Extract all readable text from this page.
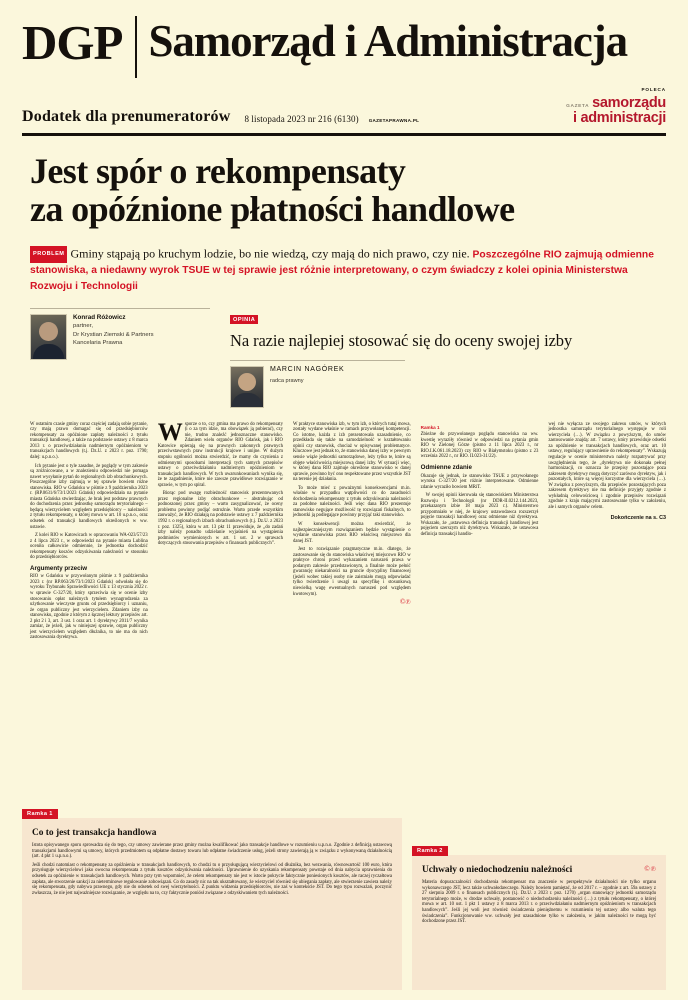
DGP Samorząd i Administracja
Dodatek dla prenumeratorów 8 listopada 2023 nr 216 (6130) GAZETAPRAWNA.PL
POLECA
GAZETA samorządu
i administracji
Jest spór o rekompensaty
za opóźnione płatności handlowe
PROBLEM Gminy stąpają po kruchym lodzie, bo nie wiedzą, czy mają do nich prawo, czy nie. Poszczególne RIO zajmują odmienne stanowiska, a niedawny wyrok TSUE w tej sprawie jest różnie interpretowany, o czym świadczy z kolei opinia Ministerstwa Rozwoju i Technologii
Konrad Różowicz
partner,
Dr Krystian Ziemski & Partners
Kancelaria Prawna
OPINIA
Na razie najlepiej stosować się do oceny swojej izby
MARCIN NAGÓREK
radca prawny

W ostatnim czasie gminy coraz częściej zadają sobie pytanie, czy mają prawo domagać się od przedsiębiorców rekompensaty za opóźnione zapłaty należności z tytułu transakcji handlowej, a także na podstawie ustawy z 8 marca 2013 r. o przeciwdziałaniu nadmiernym opóźnieniom w transakcjach handlowych (t.j. Dz.U. z 2023 r. poz. 1790; dalej: u.p.n.o.).

Ich pytanie jest o tyle zasadne, że poglądy w tym zakresie są zróżnicowane, a w znalezieniu odpowiedzi nie pomaga nawet wysyłanie pytań do regionalnych izb obrachunkowych. Poszczególne izby zajmują w tej sprawie bowiem różne stanowiska. RIO w Gdańsku w piśmie z 9 października 2023 r. (RP.0631/6/73/1/2023 Gdańsk) odpowiedziała na pytanie miasta Gdańska stwierdzając, że brak jest podstaw prawnych do dochodzenia przez jednostkę samorządu terytorialnego – będącą wierzycielem względem przedsiębiorcy – należności z tytułu rekompensaty, o której mowa w art. 10 u.p.n.o., oraz odsetek od transakcji handlowych określonych w ww. ustawie.

Z kolei RIO w Katowicach w opracowaniu WA-023/57/23 z 4 lipca 2023 r., w odpowiedzi na pytanie miasta Lublina oceniła całkowicie odmiennie, że jednostka dochodzić rekompensaty koszów odzyskiwania należności w stosunku do przedsiębiorców.

Argumenty przeciw

RIO w Gdańsku w przywołanym piśmie z 9 października 2023 r. (nr RP.063/26/73/1/2023 Gdańsk) odwołała się do wyroku Trybunału Sprawiedliwości UE z 13 stycznia 2022 r. w sprawie C-327/20, który sprzeciwia się w ocenie izby stosowaniu opłat należnych tytułem wynagrodzenia za użytkowanie wieczyste gruntu od przedsiębiorcy i uznaniu, że organ publiczny jest wierzycielem. Zdaniem izby na stanowisku, zgodnie z którym z łącznej lektury przepisów art. 2 pkt 2 i 3, art. 3 ust. 1 oraz art. 1 dyrektywy 2011/7 wynika zamiar, że jeżeli, jak w niniejszej sprawie, organ publiczny jest wierzycielem względem dłużnika, to nie ma do nich zastosowania dyrektywa.

Wsporze o to, czy gmina ma prawo do rekompensaty (i o za tym idzie, ma obowiązek ją pobierać), czy nie, trudno znaleźć jednoznaczne stanowisko. Zdaniem wielu organów RIO Gdańsk, jak i RIO Katowice opierają się na prawnych zakonnych prawnych przeciwstawnych praw instrukcji krajowe i unijne. W dużym stopniu ogólności można stwierdzić, że mamy do czynienia z odmiennymi sposobami interpretacji tych samych przepisów ustawy o przeciwdziałaniu nadmiernym opóźnieniom w transakcjach handlowych. W tych uwarunkowaniach wynika się, że te zagadnienie, które nie zawsze prawidłowe rozwiązanie w sprawie, w tym po spiral.

Biorąc pod uwagę rozbieżność stanowisk prezentowanych przez regionalne izby obrachunkowe – abstrahując od podnoszonej przez gminy – warto zasygnalizować, że oceny problemu powinny podjąć ostrożnie. Warto przede wszystkim zauważyć, że RIO działają na podstawie ustawy z 7 października 1992 r. o regionalnych izbach obrachunkowych (t.j. Dz.U. z 2023 r. poz. 1325), która w art. 13 pkt 11 przewiduje, że „do zadań izby należy ponadto udzielanie wyjaśnień na wystąpienia podmiotów wymienionych w art. 1 ust. 2 w sprawach dotyczących stosowania przepisów o finansach publicznych”.

W praktyce stanowiska izb, w tym izb, o których tutaj mowa, zostały wydane właśnie w ramach przywołanej kompetencji. Co istotne, każda z izb prezentowała uzasadnienie, co przedkłada się także na samodzielność w kształtowaniu opinii czy stanowisk, chociaż w opisywanej problematyce. Kluczowe jest jednak to, że stanowiska danej izby w pewnym sensie wiąże jednostki samorządowe, leży tylko te, które są objęte właściwością miejscową danej izby. W sytuacji więc, w której dana RIO zajmuje określone stanowisko w danej sprawie, powinno być ono respektowane przez wszystkie JST na terenie jej działania.

To może mieć z poważnymi konsekwencjami m.in. właśnie w przypadku wątpliwości co do zasadności dochodzenia rekompensaty z tytułu odzyskiwania należności za podobne należności. Jeśli więc dana RIO prezentuje stanowisko negujące możliwość tę rozwiązań fiskalnych, to jednostki ją podlegające powinny przyjąć taki stanowisko.

W konsekwencji można stwierdzić, że najbezpieczniejszym rozwiązaniem będzie wystąpienie o wydanie stanowiska przez RIO właściwą miejscowo dla danej JST.

Jest to rozwiązanie pragmatyczne m.in. dlatego, że zastosowanie się do stanowiska właściwej miejscowo RIO w praktyce chroni przed wykazaniem naruszeń prawa w podanym zakresie przedstawionym, a finalnie może pełnić gwarancję niekaralności na gruncie dyscypliny finansowej (jeżeli wobec takiej osoby nie zaistniało mogą odpowiadać tylko twierdzenie i uwagi na specyfikę i stosunkową niewielką wagę ewentualnych naruszeń pod względem kwotowym).

©℗
Ramka 1

Zbieżne do przywołanego poglądu stanowiska na ww. kwestię wyraziły również w odpowiedzi na pytania gmin RIO w Zielonej Górze (pismo z 11 lipca 2023 r., nr RIO.I.K.061.18.2023) czy RIO w Białymstoku (pismo z 23 września 2022 r., nr RIO. II.023-31/22).

Odmienne zdanie

Okazuje się jednak, że stanowisko TSUE z przywołanego wyroku C-327/20 jest różnie interpretowane. Odmienne zdanie wyraziło bowiem MRiT.

W swojej opinii kierowała się stanowiskiem Ministerstwa Rozwoju i Technologii (nr DDR-II.0212.144.2023, przekazanym izbie 18 maja 2023 r.). Ministerstwo przypomniało w niej, że krajowy ustawodawca rozszerzył pojęcie transakcji handlowej oraz odmienne niż dyrektywa. Wskazało, że „ustawowa definicja transakcji handlowej jest pojęciem szerszym niż dyrektywa. Wskazało, że ustawowa definicja transakcji handlo-

wej nie wyłącza ze swojego zakresu umów, w których jednostka samorządu terytorialnego występuje w roli wierzyciela (…). W związku z powyższym, do umów zastosowanie znajdą: art. 7 ustawy, który przewiduje odsetki za opóźnienie w transakcjach handlowych, oraz art. 10 ustawy, regulujący uprawnienie do rekompensaty”. Wskazują regulacje w ocenie ministerstwa należy rozpatrywać przy uwzględnieniu tego, że „dyrektywa nie dokonała pełnej harmonizacji, co oznacza że przepisy pozostające poza zakresem dyrektywy mogą dotyczyć zarówno dyrektyw, jak i pozostałych, które są więcej korzystne dla wierzyciela (…). W związku z powyższym, dla przepisów pozostających poza zakresem dyrektywy nie ma definicje przyjęty zgodnie z wykładnią celowościową i zgodnie przepisów rozwiązań zgodnie z kraju mającymi zastosowanie tylko w założeniu, ale i samych organów celem.

Dokończenie na s. C3
Ramka 1
Co to jest transakcja handlowa

Istota opisywanego sporu sprowadza się do tego, czy umowy zawierane przez gminy można kwalifikować jako transakcje handlowe w rozumieniu u.p.n.o. Zgodnie z definicją ustawową transakcjami handlowymi są umowy, których przedmiotem są odpłatne dostawy towaru lub odpłatne świadczenie usług, jeżeli strony zawierają ją w związku z wykonywaną działalnością (art. 4 pkt 1 u.p.n.o.).

Jeśli chodzi natomiast o rekompensatę za opóźnienia w transakcjach handlowych, to chodzi tu o przysługującą wierzycielowi od dłużnika, bez wezwania, równowartość 100 euro, która przysługuje wierzycielowi jako owocna rekompensata z tytułu kosztów odzyskiwania należności. Uprawnienie do uzyskania rekompensaty powstaje od dnia nabycia uprawnienia do odsetek za opóźnienie w transakcjach handlowych. Warto przy tym wspomnieć, że celem rekompensaty nie jest w istocie pokrycie faktycznie poniesionych kosztów, ale raczej ryczałtowa zapłata, ale stworzenie sankcji za nieterminowe regulowanie zobowiązań. Co do zasady nic na tak ukształtowany, że wierzyciel również się ubiegania zapłaty, ale stwierzenie zawiera należy się rekompensata, gdy nabywa prawnego, gdy nie do odsetek od swej wierzytelności. Z punktu widzenia przedsiębiorców, nie zaś w kontekście JST. Do tego typu rozważań, poczynić zwłaszcza, że nie jest najważniejsze rozwiązanie, ze względu na to, czy faktycznie poniósł związane z odzyskiwaniem tych należności.

Ramka 2
©℗
Uchwały o niedochodzeniu należności

Materia dopuszczalności dochodzenia rekompensat ma znaczenie w perspektywie działalności nie tylko organu wykonawczego JST, lecz także uchwałodawczego. Należy bowiem pamiętać, że od 2017 r. – zgodnie z art. 59a ustawy z 27 sierpnia 2009 r. o finansach publicznych (t.j. Dz.U. z 2023 r. poz. 1270) „organ stanowiący jednostki samorządu terytorialnego może, w drodze uchwały, postanowić o niedochodzeniu należności (…) z tytułu rekompensaty, o której mowa w art. 10 ust. 1 pkt 1 ustawy z 8 marca 2013 r. o przeciwdziałaniu nadmiernym opóźnieniom w transakcjach handlowych”. Jeśli jej woli jest również świadczenia pieniężnemu w rozumieniu tej ustawy albo waluta tego świadczenia”. Funkcjonowanie ww. uchwały jest uzasadnione tylko w założeniu, w jakim należności te mogą być dochodzone przez JST.
